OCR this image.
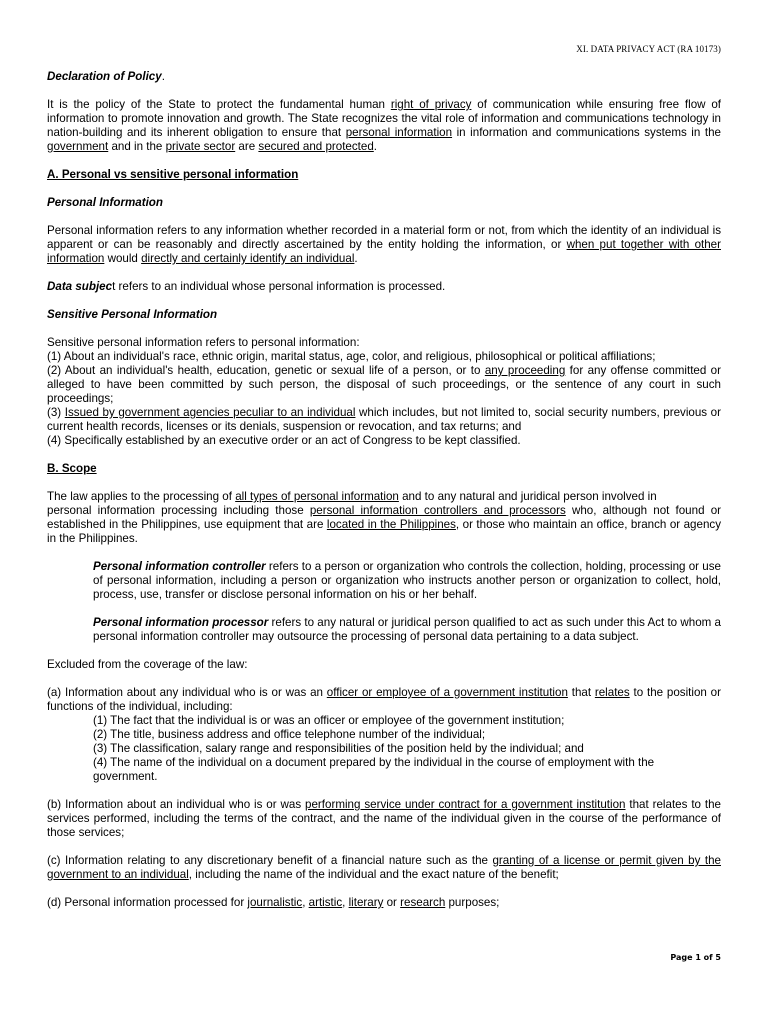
XI. DATA PRIVACY ACT (RA 10173)

Declaration of Policy.

It is the policy of the State to protect the fundamental human right of privacy of communication while ensuring free flow of information to promote innovation and growth. The State recognizes the vital role of information and communications technology in nation-building and its inherent obligation to ensure that personal information in information and communications systems in the government and in the private sector are secured and protected.

A. Personal vs sensitive personal information

Personal Information

Personal information refers to any information whether recorded in a material form or not, from which the identity of an individual is apparent or can be reasonably and directly ascertained by the entity holding the information, or when put together with other information would directly and certainly identify an individual.

Data subject refers to an individual whose personal information is processed.

Sensitive Personal Information

Sensitive personal information refers to personal information:

(1) About an individual's race, ethnic origin, marital status, age, color, and religious, philosophical or political affiliations;

(2) About an individual's health, education, genetic or sexual life of a person, or to any proceeding for any offense committed or alleged to have been committed by such person, the disposal of such proceedings, or the sentence of any court in such proceedings;

(3) Issued by government agencies peculiar to an individual which includes, but not limited to, social security numbers, previous or current health records, licenses or its denials, suspension or revocation, and tax returns; and

(4) Specifically established by an executive order or an act of Congress to be kept classified.

B. Scope

The law applies to the processing of all types of personal information and to any natural and juridical person involved in

personal information processing including those personal information controllers and processors who, although not found or established in the Philippines, use equipment that are located in the Philippines, or those who maintain an office, branch or agency in the Philippines.

Personal information controller refers to a person or organization who controls the collection, holding, processing or use of personal information, including a person or organization who instructs another person or organization to collect, hold, process, use, transfer or disclose personal information on his or her behalf.

Personal information processor refers to any natural or juridical person qualified to act as such under this Act to whom a personal information controller may outsource the processing of personal data pertaining to a data subject.

Excluded from the coverage of the law:

(a) Information about any individual who is or was an officer or employee of a government institution that relates to the position or functions of the individual, including:

(1) The fact that the individual is or was an officer or employee of the government institution;

(2) The title, business address and office telephone number of the individual;

(3) The classification, salary range and responsibilities of the position held by the individual; and

(4) The name of the individual on a document prepared by the individual in the course of employment with the government.

(b) Information about an individual who is or was performing service under contract for a government institution that relates to the services performed, including the terms of the contract, and the name of the individual given in the course of the performance of those services;

(c) Information relating to any discretionary benefit of a financial nature such as the granting of a license or permit given by the government to an individual, including the name of the individual and the exact nature of the benefit;

(d) Personal information processed for journalistic, artistic, literary or research purposes;

Page 1 of 5
